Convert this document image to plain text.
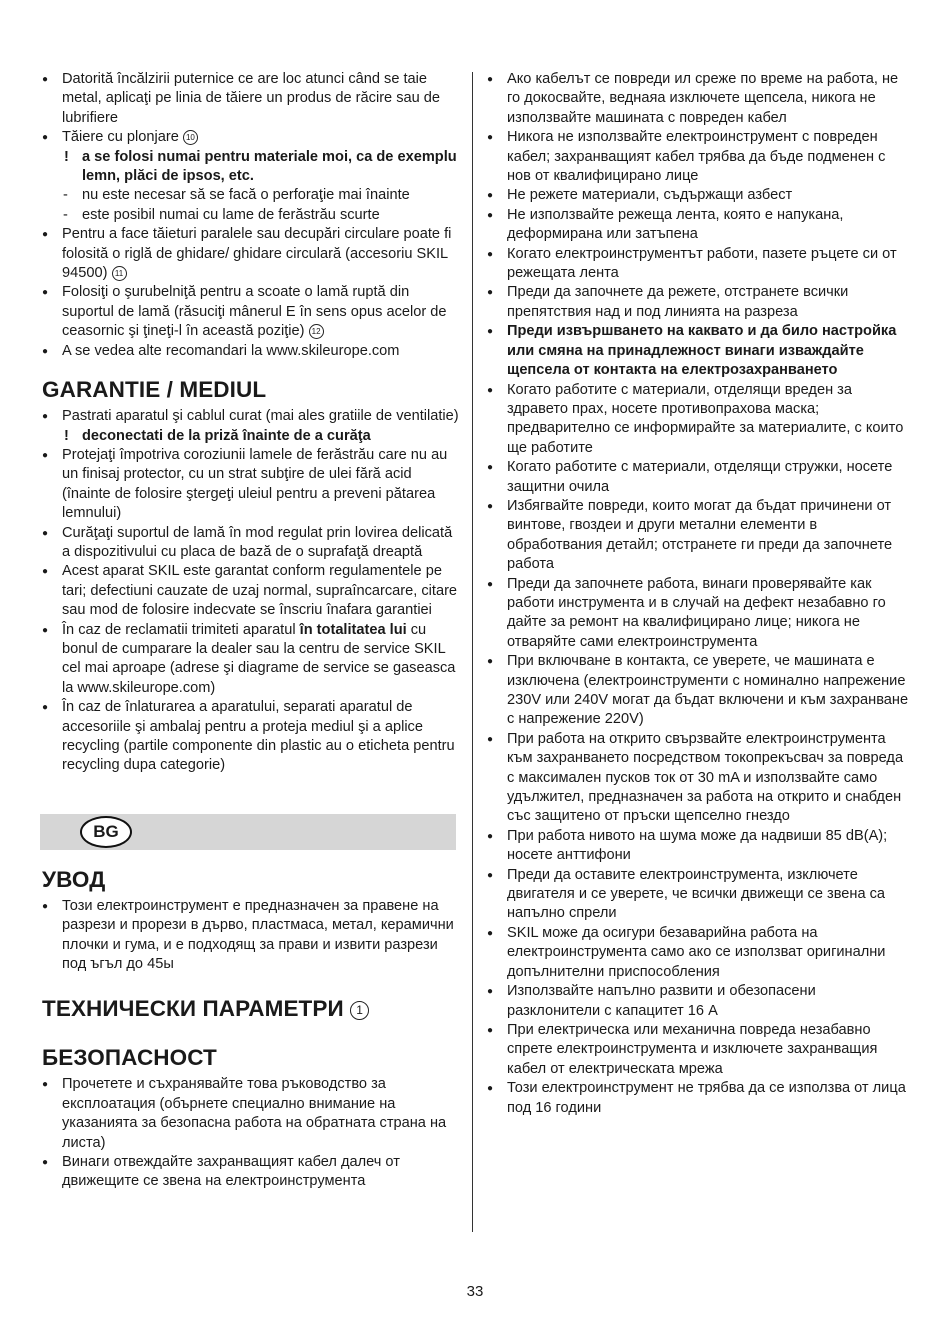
● Datorită încălzirii puternice ce are loc atunci când se taie metal, aplicaţi pe linia de tăiere un produs de răcire sau de lubrifiere
● Tăiere cu plonjare 10
! a se folosi numai pentru materiale moi, ca de exemplu lemn, plăci de ipsos, etc.
- nu este necesar să se facă o perforaţie mai înainte
- este posibil numai cu lame de ferăstrău scurte
● Pentru a face tăieturi paralele sau decupări circulare poate fi folosită o riglă de ghidare/ ghidare circulară (accesoriu SKIL 94500) 11
● Folosiţi o şurubelniţă pentru a scoate o lamă ruptă din suportul de lamă (răsuciţi mânerul E în sens opus acelor de ceasornic şi ţineţi-l în această poziţie) 12
● A se vedea alte recomandari la www.skileurope.com
GARANTIE / MEDIUL
● Pastrati aparatul şi cablul curat (mai ales gratiile de ventilatie)
! deconectati de la priză înainte de a curăţa
● Protejaţi împotriva coroziunii lamele de ferăstrău care nu au un finisaj protector, cu un strat subţire de ulei fără acid (înainte de folosire ştergeţi uleiul pentru a preveni pătarea lemnului)
● Curăţaţi suportul de lamă în mod regulat prin lovirea delicată a dispozitivului cu placa de bază de o suprafaţă dreaptă
● Acest aparat SKIL este garantat conform regulamentele pe tari; defectiuni cauzate de uzaj normal, supraîncarcare, citare sau mod de folosire indecvate se înscriu înafara garantiei
● În caz de reclamatii trimiteti aparatul în totalitatea lui cu bonul de cumparare la dealer sau la centru de service SKIL cel mai aproape (adrese şi diagrame de service se gaseasca la www.skileurope.com)
● În caz de înlaturarea a aparatului, separati aparatul de accesoriile şi ambalaj pentru a proteja mediul şi a aplice recycling (partile componente din plastic au o eticheta pentru recycling dupa categorie)
BG
УВОД
● Този електроинструмент е предназначен за правене на разрези и прорези в дърво, пластмаса, метал, керамични плочки и гума, и е подходящ за прави и извити разрези под ъгъл до 45ы
ТЕХНИЧЕСКИ ПАРАМЕТРИ 1
БЕЗОПАСНОСТ
● Прочетете и съхранявайте това ръководство за експлоатация (обърнете специално внимание на указанията за безопасна работа на обратната страна на листа)
● Винаги отвеждайте захранващият кабел далеч от движещите се звена на електроинструмента
● Ако кабелът се повреди ил среже по време на работа, не го докосвайте, веднаяа изключете щепсела, никога не използвайте машината с повреден кабел
● Никога не използвайте електроинструмент с повреден кабел; захранващият кабел трябва да бъде подменен с нов от квалифицирано лице
● Не режете материали, съдържащи азбест
● Не използвайте режеща лента, която е напукана, деформирана или затъпена
● Когато електроинструментът работи, пазете ръцете си от режещата лента
● Преди да започнете да режете, отстранете всички препятствия над и под линията на разреза
● Преди извършването на каквато и да било настройка или смяна на принадлежност винаги изваждайте щепсела от контакта на електрозахранването
● Когато работите с материали, отделящи вреден за здравето прах, носете противопрахова маска; предварително се информирайте за материалите, с които ще работите
● Когато работите с материали, отделящи стружки, носете защитни очила
● Избягвайте повреди, които могат да бъдат причинени от винтове, гвоздеи и други метални елементи в обработвания детайл; отстранете ги преди да започнете работа
● Преди да започнете работа, винаги проверявайте как работи инструмента и в случай на дефект незабавно го дайте за ремонт на квалифицирано лице; никога не отваряйте сами електроинструмента
● При включване в контакта, се уверете, че машината е изключена (електроинструменти с номинално напрежение 230V или 240V могат да бъдат включени и към захранване с напрежение 220V)
● При работа на открито свързвайте електроинструмента към захранването посредством токопрекъсвач за повреда с максимален пусков ток от 30 mA и използвайте само удължител, предназначен за работа на открито и снабден със защитено от пръски щепселно гнездо
● При работа нивото на шума може да надвиши 85 dB(A); носете анттифони
● Преди да оставите електроинструмента, изключете двигателя и се уверете, че всички движещи се звена са напълно спрели
● SKIL може да осигури безаварийна работа на електроинструмента само ако се използват оригинални допълнителни приспособления
● Използвайте напълно развити и обезопасени разклонители с капацитет 16 А
● При електрическа или механична повреда незабавно спрете електроинструмента и изключете захранващия кабел от електрическата мрежа
● Този електроинструмент не трябва да се използва от лица под 16 години
33
